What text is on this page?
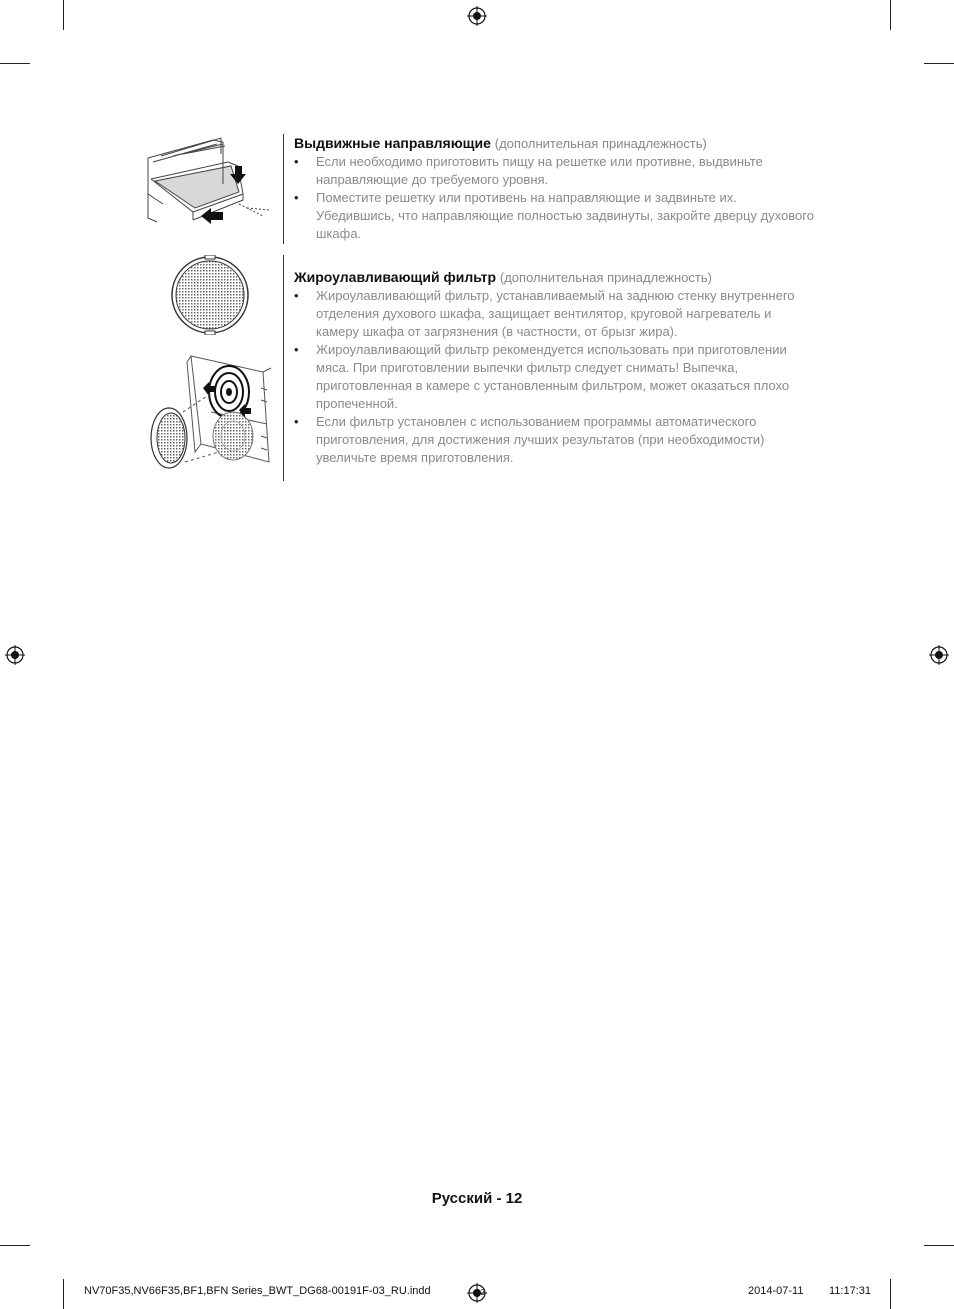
Выдвижные направляющие (дополнительная принадлежность)
• Если необходимо приготовить пищу на решетке или противне, выдвиньте направляющие до требуемого уровня.
• Поместите решетку или противень на направляющие и задвиньте их. Убедившись, что направляющие полностью задвинуты, закройте дверцу духового шкафа.
Жироулавливающий фильтр (дополнительная принадлежность)
• Жироулавливающий фильтр, устанавливаемый на заднюю стенку внутреннего отделения духового шкафа, защищает вентилятор, круговой нагреватель и камеру шкафа от загрязнения (в частности, от брызг жира).
• Жироулавливающий фильтр рекомендуется использовать при приготовлении мяса. При приготовлении выпечки фильтр следует снимать! Выпечка, приготовленная в камере с установленным фильтром, может оказаться плохо пропеченной.
• Если фильтр установлен с использованием программы автоматического приготовления, для достижения лучших результатов (при необходимости) увеличьте время приготовления.
Русский - 12
NV70F35,NV66F35,BF1,BFN Series_BWT_DG68-00191F-03_RU.indd	12	2014-07-11 11:17:31
